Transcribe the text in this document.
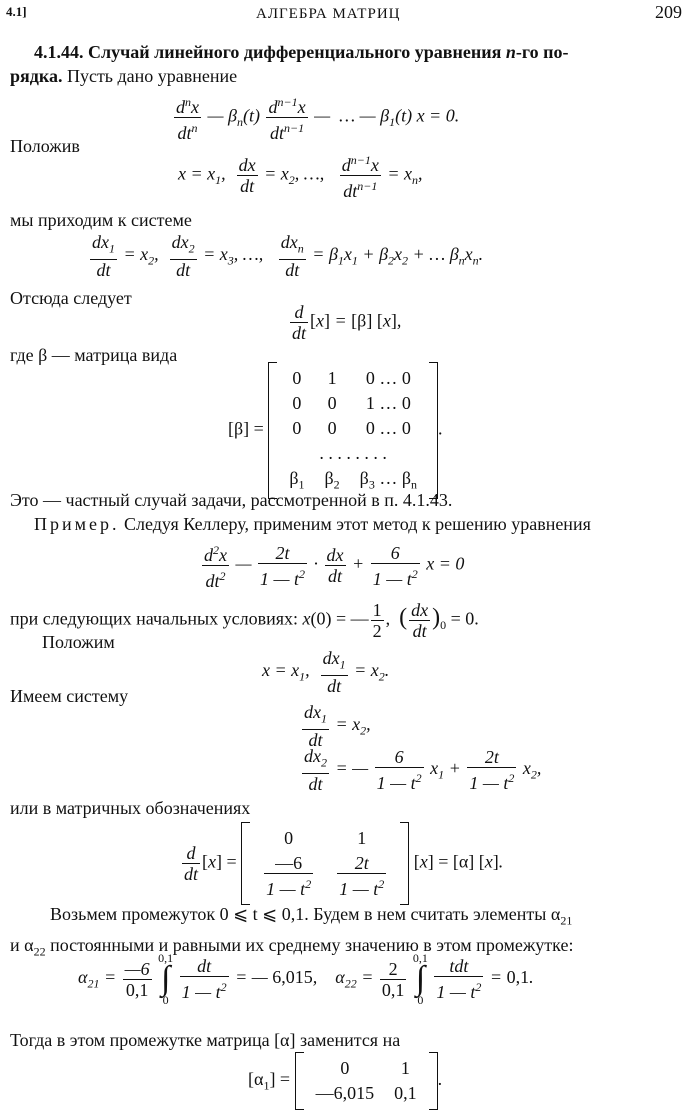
4.1]	АЛГЕБРА МАТРИЦ	209
4.1.44. Случай линейного дифференциального уравнения n-го по-
рядка. Пусть дано уравнение
$\frac{d^nx}{dt^n}$ — $\beta_n(t) \frac{d^{n-1}x}{dt^{n-1}}$ —  … — $\beta_1(t) x = 0$.
Положив
$x = x_1$, $\frac{dx}{dt} = x_2$, …, $\frac{d^{n-1}x}{dt^{n-1}} = x_n$,
мы приходим к системе
$\frac{dx_1}{dt} = x_2$, $\frac{dx_2}{dt} = x_3$, …, $\frac{dx_n}{dt} = \beta_1x_1 + \beta_2x_2$ + … $\beta_nx_n$.
Отсюда следует
$\frac{d}{dt} [x] = [\beta]$ [x],
где β — матрица вида
[β] =
0	1	0 … 0
0	0	1 … 0
0	0	0 … 0
. . . . . . . .		
$\beta_1$	$\beta_2$	$\beta_3$ … $\beta_n$
.
Это — частный случай задачи, рассмотренной в п. 4.1.43.
Пример. Следуя Келлеру, применим этот метод к решению уравнения
$\frac{d^2x}{dt^2}$ — $\frac{2t}{1 — t^2} \cdot \frac{dx}{dt} + \frac{6}{1 — t^2}$ x = 0
при следующих начальных условиях: x(0) = — $\frac{1}{2}$ ,  ( $\frac{dx}{dt} )_0 = 0$.
Положим
$x = x_1$, $\frac{dx_1}{dt} = x_2$.
Имеем систему
$\frac{dx_1}{dt} = x_2$,
$\frac{dx_2}{dt}$ = — $\frac{6}{1 — t^2} x_1 + \frac{2t}{1 — t^2} x_2$,
или в матричных обозначениях
$\frac{d}{dt} [x]$ =
0	1

$\frac{—6}{1 — t^2}$	$\frac{2t}{1 — t^2} [x] = [\alpha]$ [x].
Возьмем промежуток 0 ⩽ t ⩽ 0,1. Будем в нем считать элементы $\alpha_{21}$
и $\alpha_{22}$ постоянными и равными их среднему значению в этом промежутке:
$\alpha_{21} = \frac{—6}{0,1}$

0,1
∫
0
$\frac{dt}{1 — t^2}$ = — 6,015,    $\alpha_{22} = \frac{2}{0,1}$

0,1
∫
0
$\frac{\text{tdt}}{1 — t^2} = 0,1$.
Тогда в этом промежутке матрица [α] заменится на
$[\alpha_1]$ =
0	1
—6,015	0,1
.
